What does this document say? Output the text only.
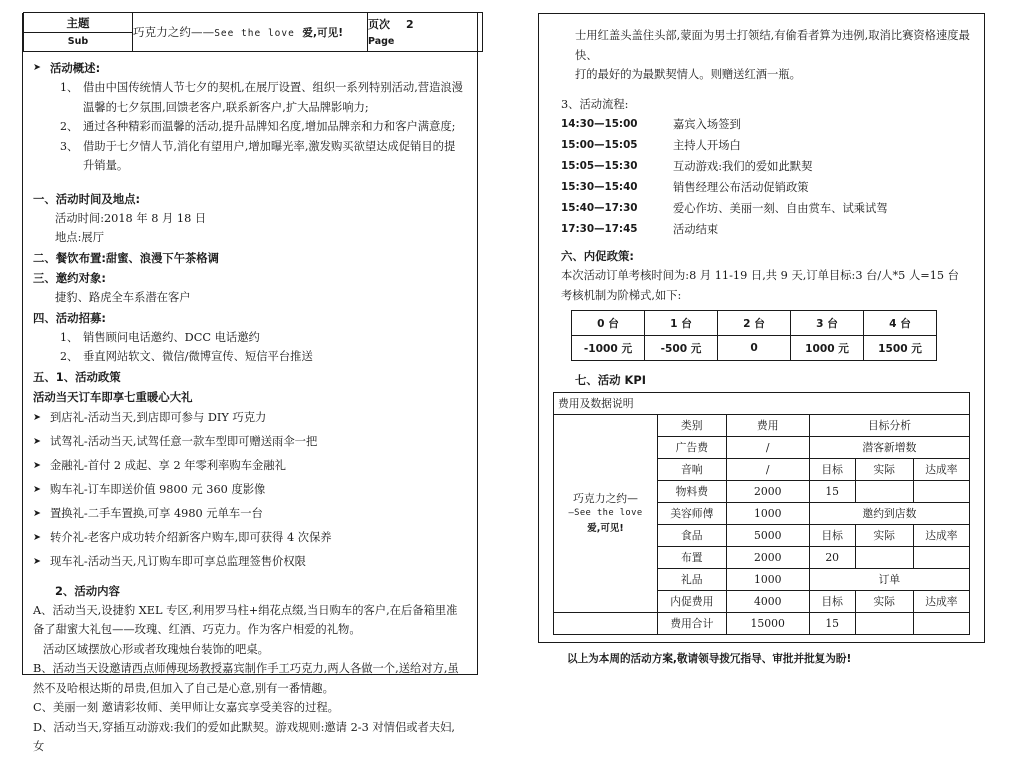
主题
Sub
	巧克力之约——See the love 爱,可见!	
页次 2
Page
➤ 活动概述:
1、 借由中国传统情人节七夕的契机,在展厅设置、组织一系列特别活动,营造浪漫温馨的七夕氛围,回馈老客户,联系新客户,扩大品牌影响力;
2、 通过各种精彩而温馨的活动,提升品牌知名度,增加品牌亲和力和客户满意度;
3、 借助于七夕情人节,消化有望用户,增加曝光率,激发购买欲望达成促销目的提升销量。
一、活动时间及地点:
活动时间:2018 年 8 月 18 日
地点:展厅
二、餐饮布置:甜蜜、浪漫下午茶格调
三、邀约对象:
捷豹、路虎全车系潜在客户
四、活动招募:
1、 销售顾问电话邀约、DCC 电话邀约
2、 垂直网站软文、微信/微博宣传、短信平台推送
五、1、活动政策
活动当天订车即享七重暖心大礼
➤ 到店礼-活动当天,到店即可参与 DIY 巧克力
➤ 试驾礼-活动当天,试驾任意一款车型即可赠送雨伞一把
➤ 金融礼-首付 2 成起、享 2 年零利率购车金融礼
➤ 购车礼-订车即送价值 9800 元 360 度影像
➤ 置换礼-二手车置换,可享 4980 元单车一台
➤ 转介礼-老客户成功转介绍新客户购车,即可获得 4 次保养
➤ 现车礼-活动当天,凡订购车即可享总监理签售价权限
2、活动内容
A、活动当天,设捷豹 XEL 专区,利用罗马柱+绢花点缀,当日购车的客户,在后备箱里准备了甜蜜大礼包——玫瑰、红酒、巧克力。作为客户相爱的礼物。
活动区域摆放心形或者玫瑰烛台装饰的吧桌。
B、活动当天设邀请西点师傅现场教授嘉宾制作手工巧克力,两人各做一个,送给对方,虽然不及哈根达斯的昂贵,但加入了自己是心意,别有一番情趣。
C、美丽一刻 邀请彩妆师、美甲师让女嘉宾享受美容的过程。
D、活动当天,穿插互动游戏:我们的爱如此默契。游戏规则:邀请 2-3 对情侣或者夫妇,女
士用红盖头盖住头部,蒙面为男士打领结,有偷看者算为违例,取消比赛资格速度最快、
打的最好的为最默契情人。则赠送红酒一瓶。
3、活动流程:
14:30—15:00	嘉宾入场签到
15:00—15:05	主持人开场白
15:05—15:30	互动游戏:我们的爱如此默契
15:30—15:40	销售经理公布活动促销政策
15:40—17:30	爱心作坊、美丽一刻、自由赏车、试乘试驾
17:30—17:45	活动结束
六、内促政策:
本次活动订单考核时间为:8 月 11-19 日,共 9 天,订单目标:3 台/人*5 人=15 台
考核机制为阶梯式,如下:
0 台	1 台	2 台	3 台	4 台
-1000 元	-500 元	0	1000 元	1500 元
七、活动 KPI
费用及数据说明					

巧克力之约—
—See the love
爱,可见!	类别	费用	目标分析		
	广告费	/	潜客新增数		
	音响	/	目标	实际	达成率
	物料费	2000	15		
	美容师傅	1000	邀约到店数		
	食品	5000	目标	实际	达成率
	布置	2000	20		
	礼品	1000	订单		
	内促费用	4000	目标	实际	达成率
	费用合计	15000	15		
以上为本周的活动方案,敬请领导拨冗指导、审批并批复为盼!
